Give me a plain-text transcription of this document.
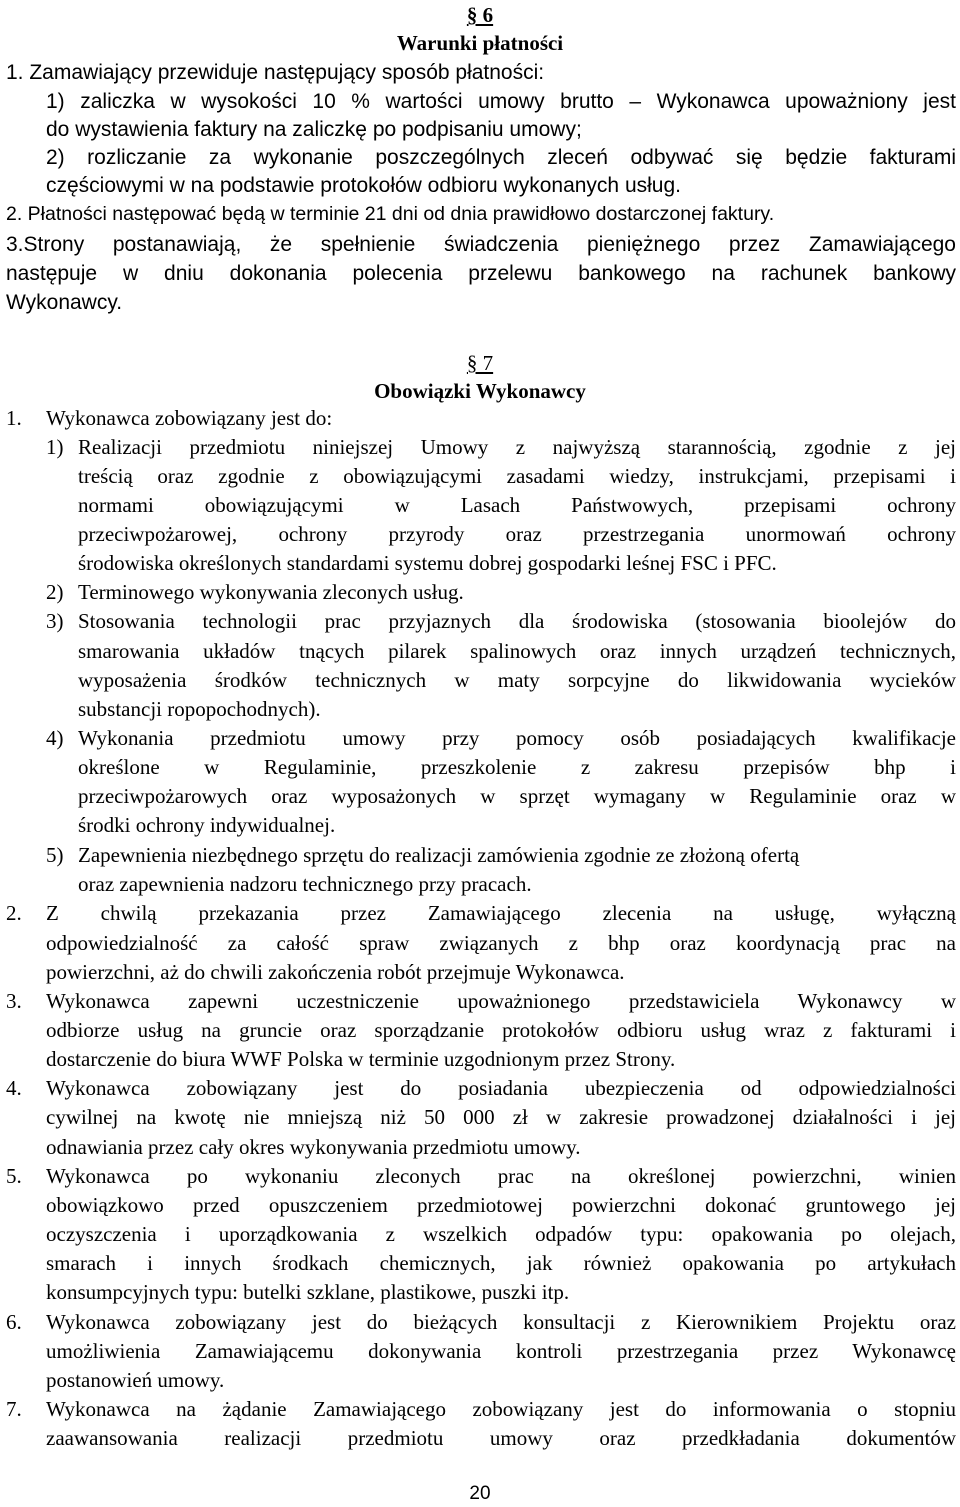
§ 6
Warunki płatności
1. Zamawiający przewiduje następujący sposób płatności:
1) zaliczka w wysokości 10 % wartości umowy brutto ‒ Wykonawca upoważniony jest
do wystawienia faktury na zaliczkę po podpisaniu umowy;
2) rozliczanie za wykonanie poszczególnych zleceń odbywać się będzie fakturami
częściowymi w na podstawie protokołów odbioru wykonanych usług.
2. Płatności następować będą w terminie 21 dni od dnia prawidłowo dostarczonej faktury.
3.Strony postanawiają, że spełnienie świadczenia pieniężnego przez Zamawiającego
następuje w dniu dokonania polecenia przelewu bankowego na rachunek bankowy
Wykonawcy.
§ 7
Obowiązki Wykonawcy
1. Wykonawca zobowiązany jest do:
1) Realizacji przedmiotu niniejszej Umowy z najwyższą starannością, zgodnie z jej
treścią oraz zgodnie z obowiązującymi zasadami wiedzy, instrukcjami, przepisami i
normami obowiązującymi w Lasach Państwowych, przepisami ochrony
przeciwpożarowej, ochrony przyrody oraz przestrzegania unormowań ochrony
środowiska określonych standardami systemu dobrej gospodarki leśnej FSC i PFC.
2) Terminowego wykonywania zleconych usług.
3) Stosowania technologii prac przyjaznych dla środowiska (stosowania bioolejów do
smarowania układów tnących pilarek spalinowych oraz innych urządzeń technicznych,
wyposażenia środków technicznych w maty sorpcyjne do likwidowania wycieków
substancji ropopochodnych).
4) Wykonania przedmiotu umowy przy pomocy osób posiadających kwalifikacje
określone w Regulaminie, przeszkolenie z zakresu przepisów bhp i
przeciwpożarowych oraz wyposażonych w sprzęt wymagany w Regulaminie oraz w
środki ochrony indywidualnej.
5) Zapewnienia niezbędnego sprzętu do realizacji zamówienia zgodnie ze złożoną ofertą
oraz zapewnienia nadzoru technicznego przy pracach.
2. Z chwilą przekazania przez Zamawiającego zlecenia na usługę, wyłączną
odpowiedzialność za całość spraw związanych z bhp oraz koordynacją prac na
powierzchni, aż do chwili zakończenia robót przejmuje Wykonawca.
3. Wykonawca zapewni uczestniczenie upoważnionego przedstawiciela Wykonawcy w
odbiorze usług na gruncie oraz sporządzanie protokołów odbioru usług wraz z fakturami i
dostarczenie do biura WWF Polska w terminie uzgodnionym przez Strony.
4. Wykonawca zobowiązany jest do posiadania ubezpieczenia od odpowiedzialności
cywilnej na kwotę nie mniejszą niż 50 000 zł w zakresie prowadzonej działalności i jej
odnawiania przez cały okres wykonywania przedmiotu umowy.
5. Wykonawca po wykonaniu zleconych prac na określonej powierzchni, winien
obowiązkowo przed opuszczeniem przedmiotowej powierzchni dokonać gruntowego jej
oczyszczenia i uporządkowania z wszelkich odpadów typu: opakowania po olejach,
smarach i innych środkach chemicznych, jak również opakowania po artykułach
konsumpcyjnych typu: butelki szklane, plastikowe, puszki itp.
6. Wykonawca zobowiązany jest do bieżących konsultacji z Kierownikiem Projektu oraz
umożliwienia Zamawiającemu dokonywania kontroli przestrzegania przez Wykonawcę
postanowień umowy.
7. Wykonawca na żądanie Zamawiającego zobowiązany jest do informowania o stopniu
zaawansowania realizacji przedmiotu umowy oraz przedkładania dokumentów
20
